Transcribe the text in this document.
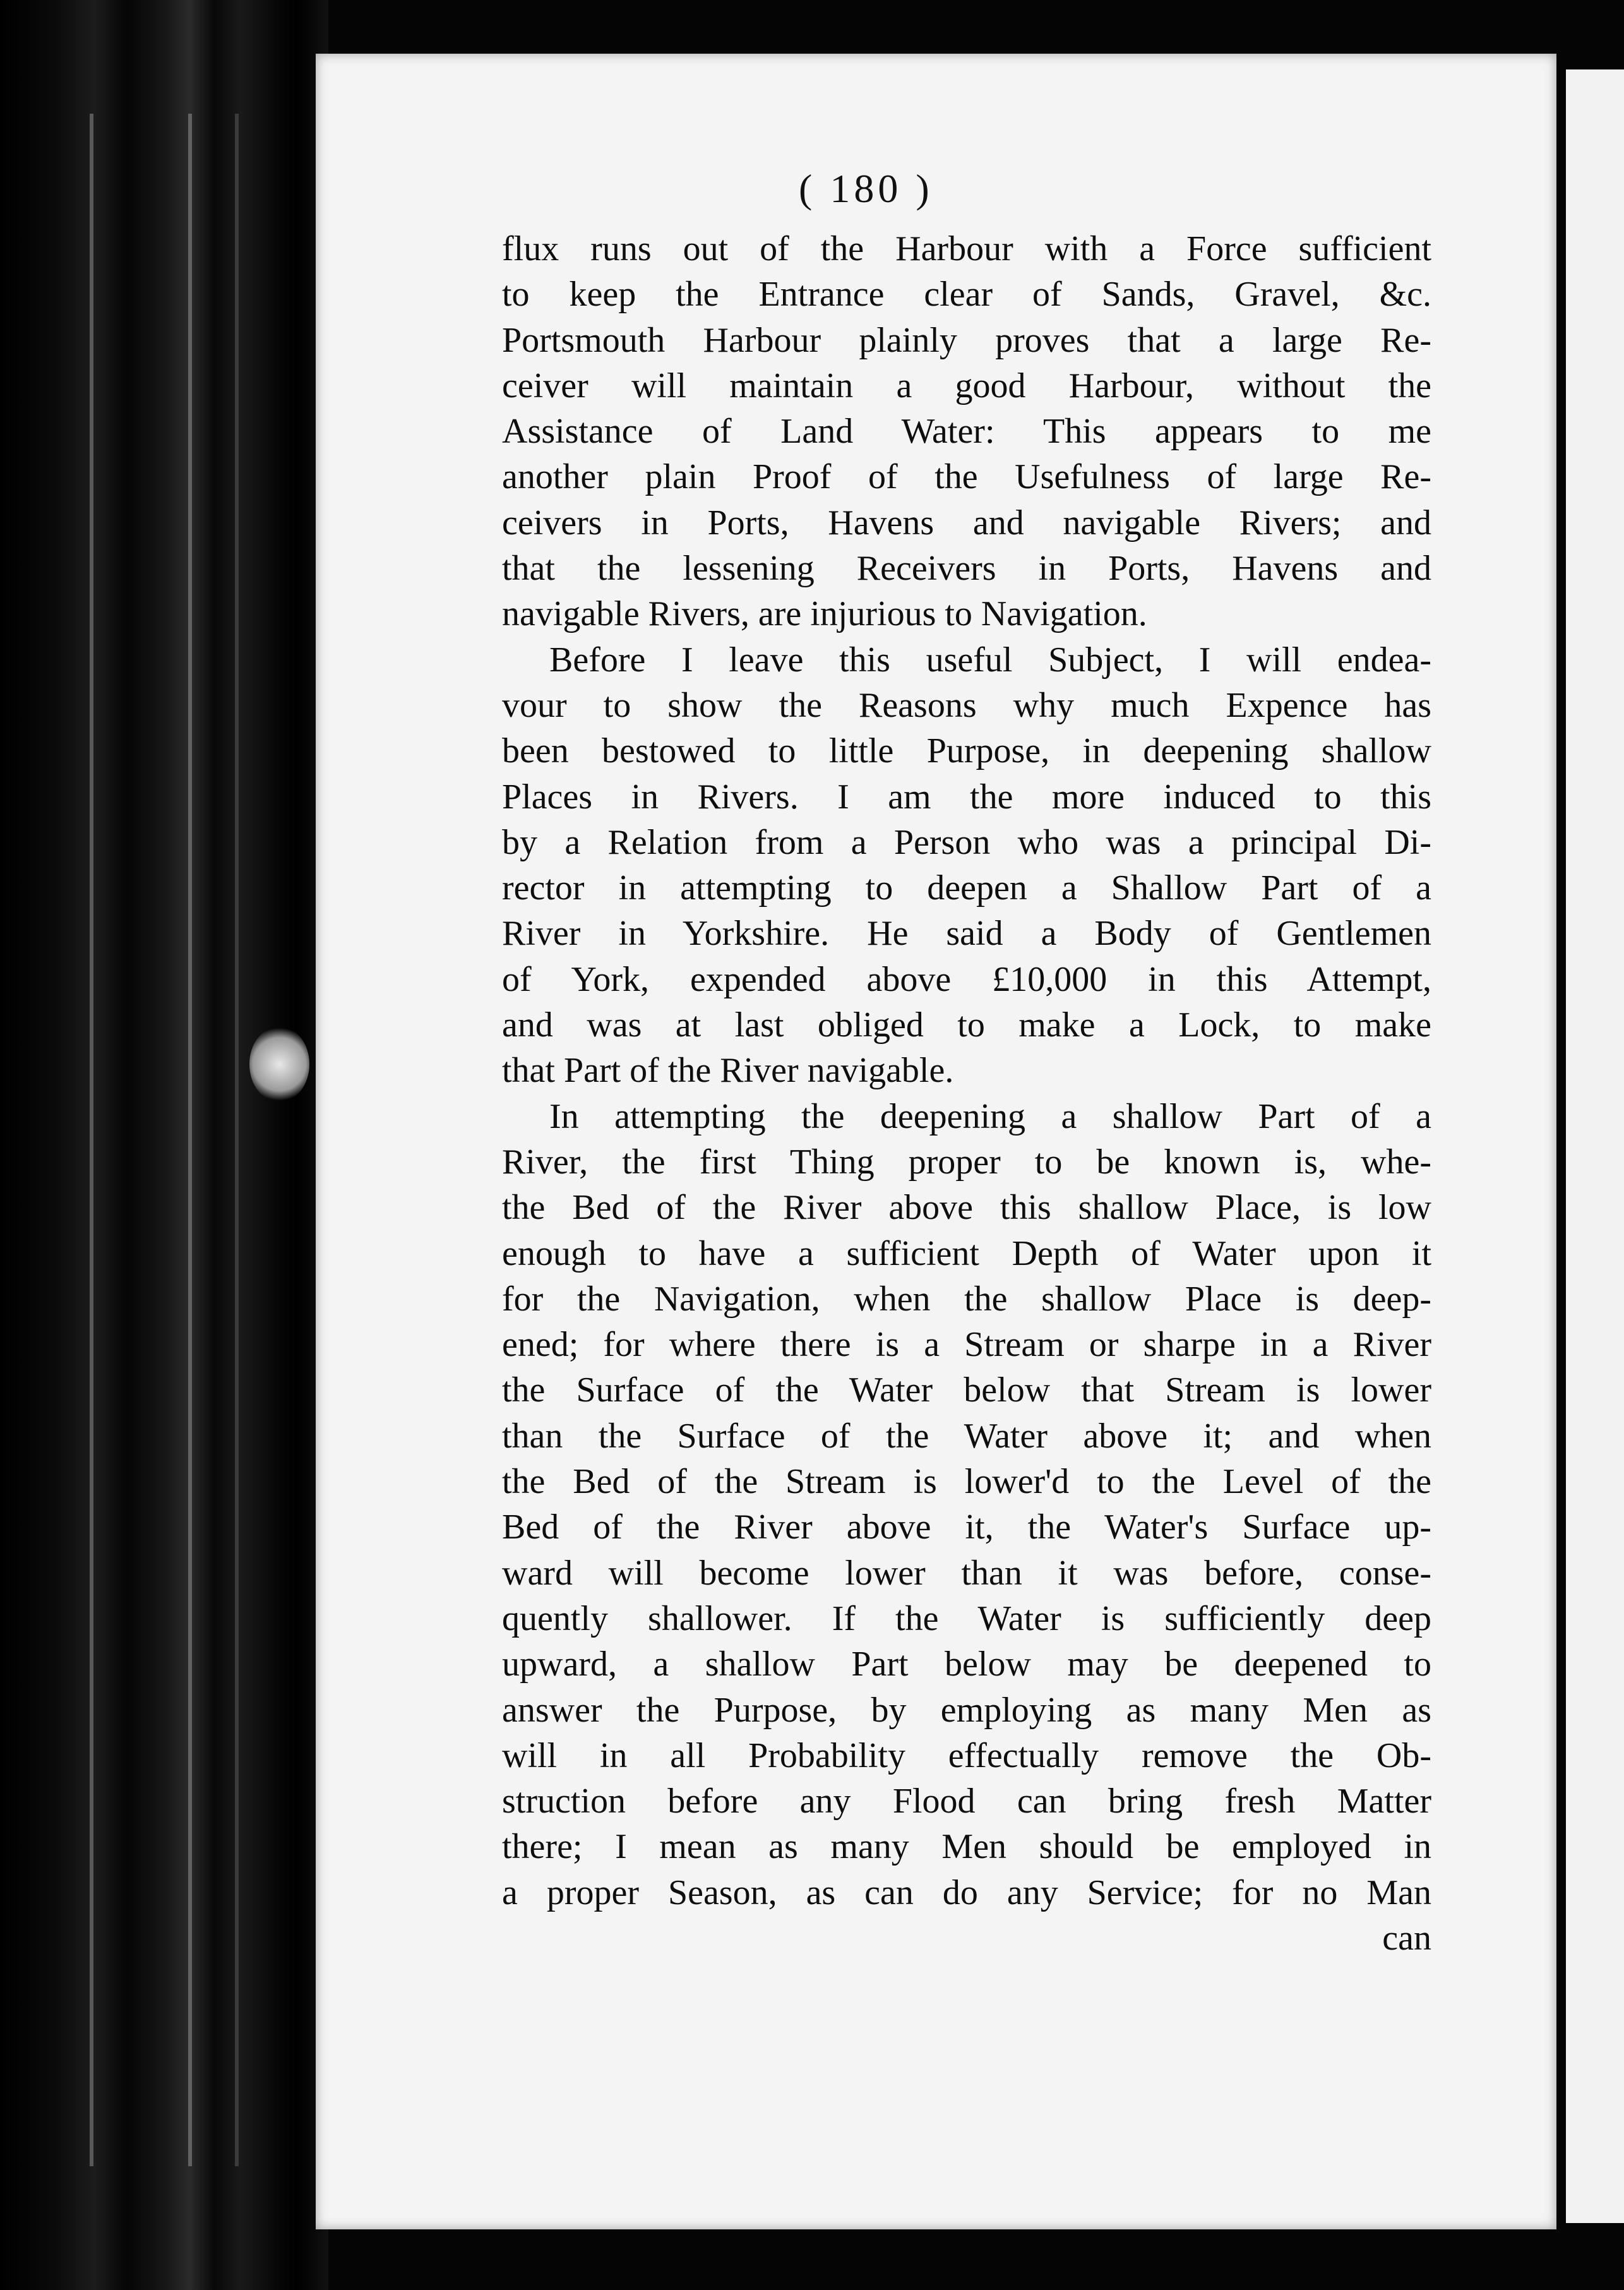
( 180 )
flux runs out of the Harbour with a Force sufficient
to keep the Entrance clear of Sands, Gravel, &c.
Portsmouth Harbour plainly proves that a large Re-
ceiver will maintain a good Harbour, without the
Assistance of Land Water: This appears to me
another plain Proof of the Usefulness of large Re-
ceivers in Ports, Havens and navigable Rivers; and
that the lessening Receivers in Ports, Havens and
navigable Rivers, are injurious to Navigation.
Before I leave this useful Subject, I will endea-
vour to show the Reasons why much Expence has
been bestowed to little Purpose, in deepening shallow
Places in Rivers. I am the more induced to this
by a Relation from a Person who was a principal Di-
rector in attempting to deepen a Shallow Part of a
River in Yorkshire. He said a Body of Gentlemen
of York, expended above £10,000 in this Attempt,
and was at last obliged to make a Lock, to make
that Part of the River navigable.
In attempting the deepening a shallow Part of a
River, the first Thing proper to be known is, whe-
the Bed of the River above this shallow Place, is low
enough to have a sufficient Depth of Water upon it
for the Navigation, when the shallow Place is deep-
ened; for where there is a Stream or sharpe in a River
the Surface of the Water below that Stream is lower
than the Surface of the Water above it; and when
the Bed of the Stream is lower'd to the Level of the
Bed of the River above it, the Water's Surface up-
ward will become lower than it was before, conse-
quently shallower. If the Water is sufficiently deep
upward, a shallow Part below may be deepened to
answer the Purpose, by employing as many Men as
will in all Probability effectually remove the Ob-
struction before any Flood can bring fresh Matter
there; I mean as many Men should be employed in
a proper Season, as can do any Service; for no Man
can
